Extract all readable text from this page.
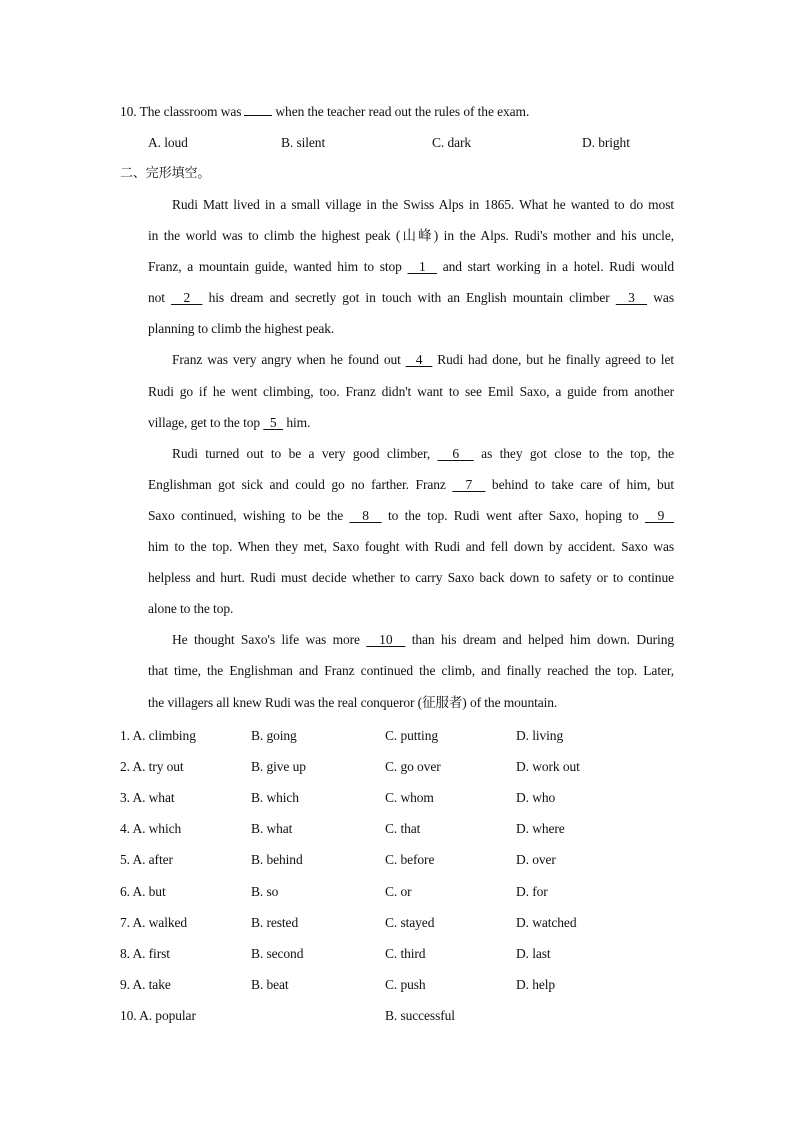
10. The classroom was	when the teacher read out the rules of the exam.
A. loud	B. silent	C. dark	D. bright
二、完形填空。
Rudi Matt lived in a small village in the Swiss Alps in 1865. What he wanted to do most
in the world was to climb the highest peak (山峰) in the Alps. Rudi's mother and his uncle,
Franz, a mountain guide, wanted him to stop   1   and start working in a hotel. Rudi would
not   2   his dream and secretly got in touch with an English mountain climber   3   was
planning to climb the highest peak.
Franz was very angry when he found out   4   Rudi had done, but he finally agreed to let
Rudi go if he went climbing, too. Franz didn't want to see Emil Saxo, a guide from another
village, get to the top   5   him.
Rudi turned out to be a very good climber,   6   as they got close to the top, the
Englishman got sick and could go no farther. Franz   7   behind to take care of him, but
Saxo continued, wishing to be the   8   to the top. Rudi went after Saxo, hoping to   9
him to the top. When they met, Saxo fought with Rudi and fell down by accident. Saxo was
helpless and hurt. Rudi must decide whether to carry Saxo back down to safety or to continue
alone to the top.
He thought Saxo's life was more   10   than his dream and helped him down. During
that time, the Englishman and Franz continued the climb, and finally reached the top. Later,
the villagers all knew Rudi was the real conqueror (征服者) of the mountain.
1. A. climbing	B. going	C. putting	D. living
2. A. try out	B. give up	C. go over	D. work out
3. A. what	B. which	C. whom	D. who
4. A. which	B. what	C. that	D. where
5. A. after	B. behind	C. before	D. over
6. A. but	B. so	C. or	D. for
7. A. walked	B. rested	C. stayed	D. watched
8. A. first	B. second	C. third	D. last
9. A. take	B. beat	C. push	D. help
10. A. popular	B. successful
